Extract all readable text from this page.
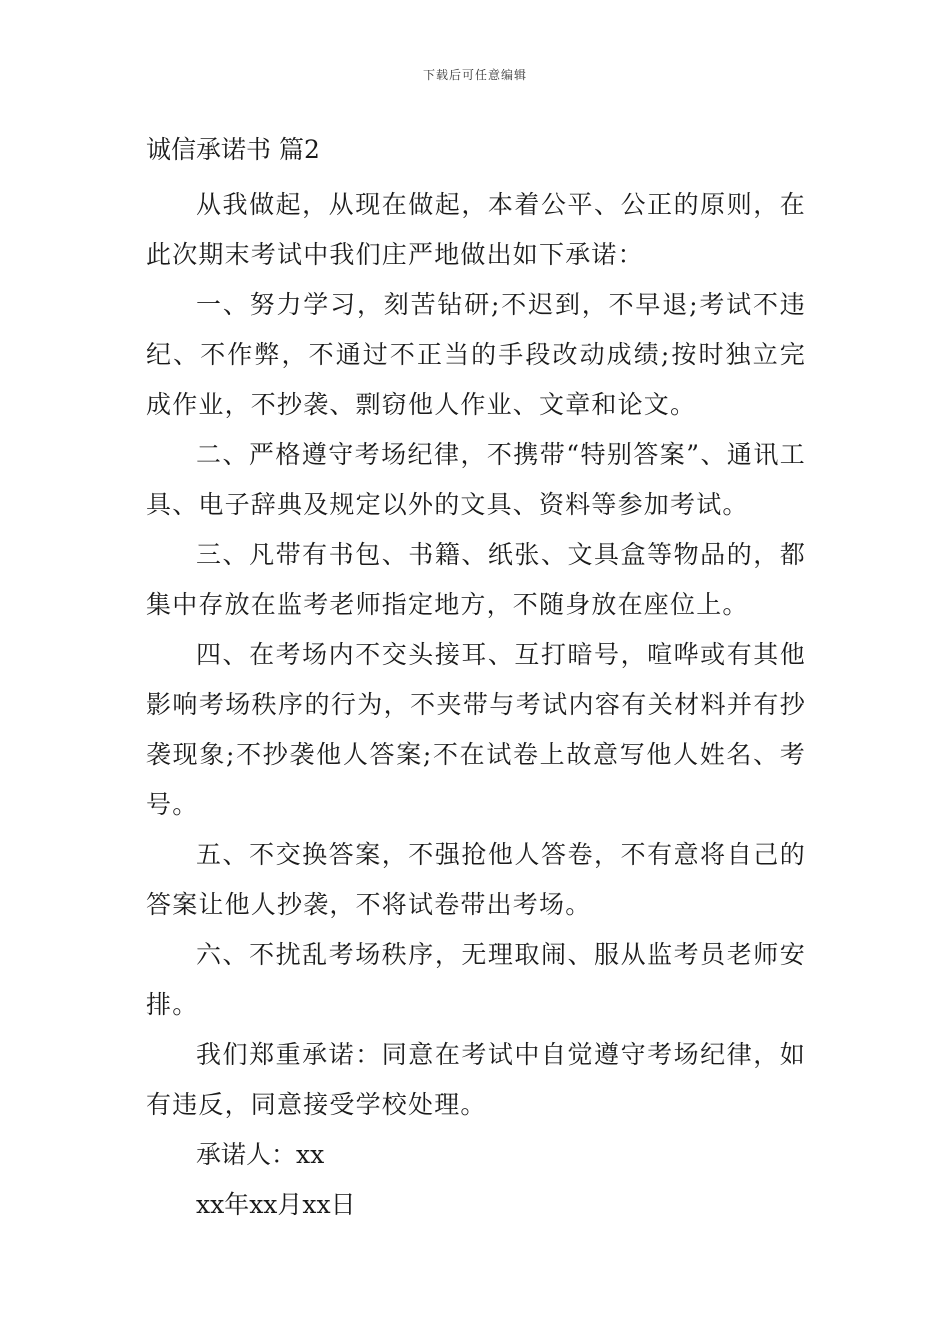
下载后可任意编辑
诚信承诺书 篇2

从我做起，从现在做起，本着公平、公正的原则，在此次期末考试中我们庄严地做出如下承诺：

一、努力学习，刻苦钻研;不迟到，不早退;考试不违纪、不作弊，不通过不正当的手段改动成绩;按时独立完成作业，不抄袭、剽窃他人作业、文章和论文。

二、严格遵守考场纪律，不携带“特别答案”、通讯工具、电子辞典及规定以外的文具、资料等参加考试。

三、凡带有书包、书籍、纸张、文具盒等物品的，都集中存放在监考老师指定地方，不随身放在座位上。

四、在考场内不交头接耳、互打暗号，喧哗或有其他影响考场秩序的行为，不夹带与考试内容有关材料并有抄袭现象;不抄袭他人答案;不在试卷上故意写他人姓名、考号。

五、不交换答案，不强抢他人答卷，不有意将自己的答案让他人抄袭，不将试卷带出考场。

六、不扰乱考场秩序，无理取闹、服从监考员老师安排。

我们郑重承诺：同意在考试中自觉遵守考场纪律，如有违反，同意接受学校处理。

承诺人：xx

xx年xx月xx日
